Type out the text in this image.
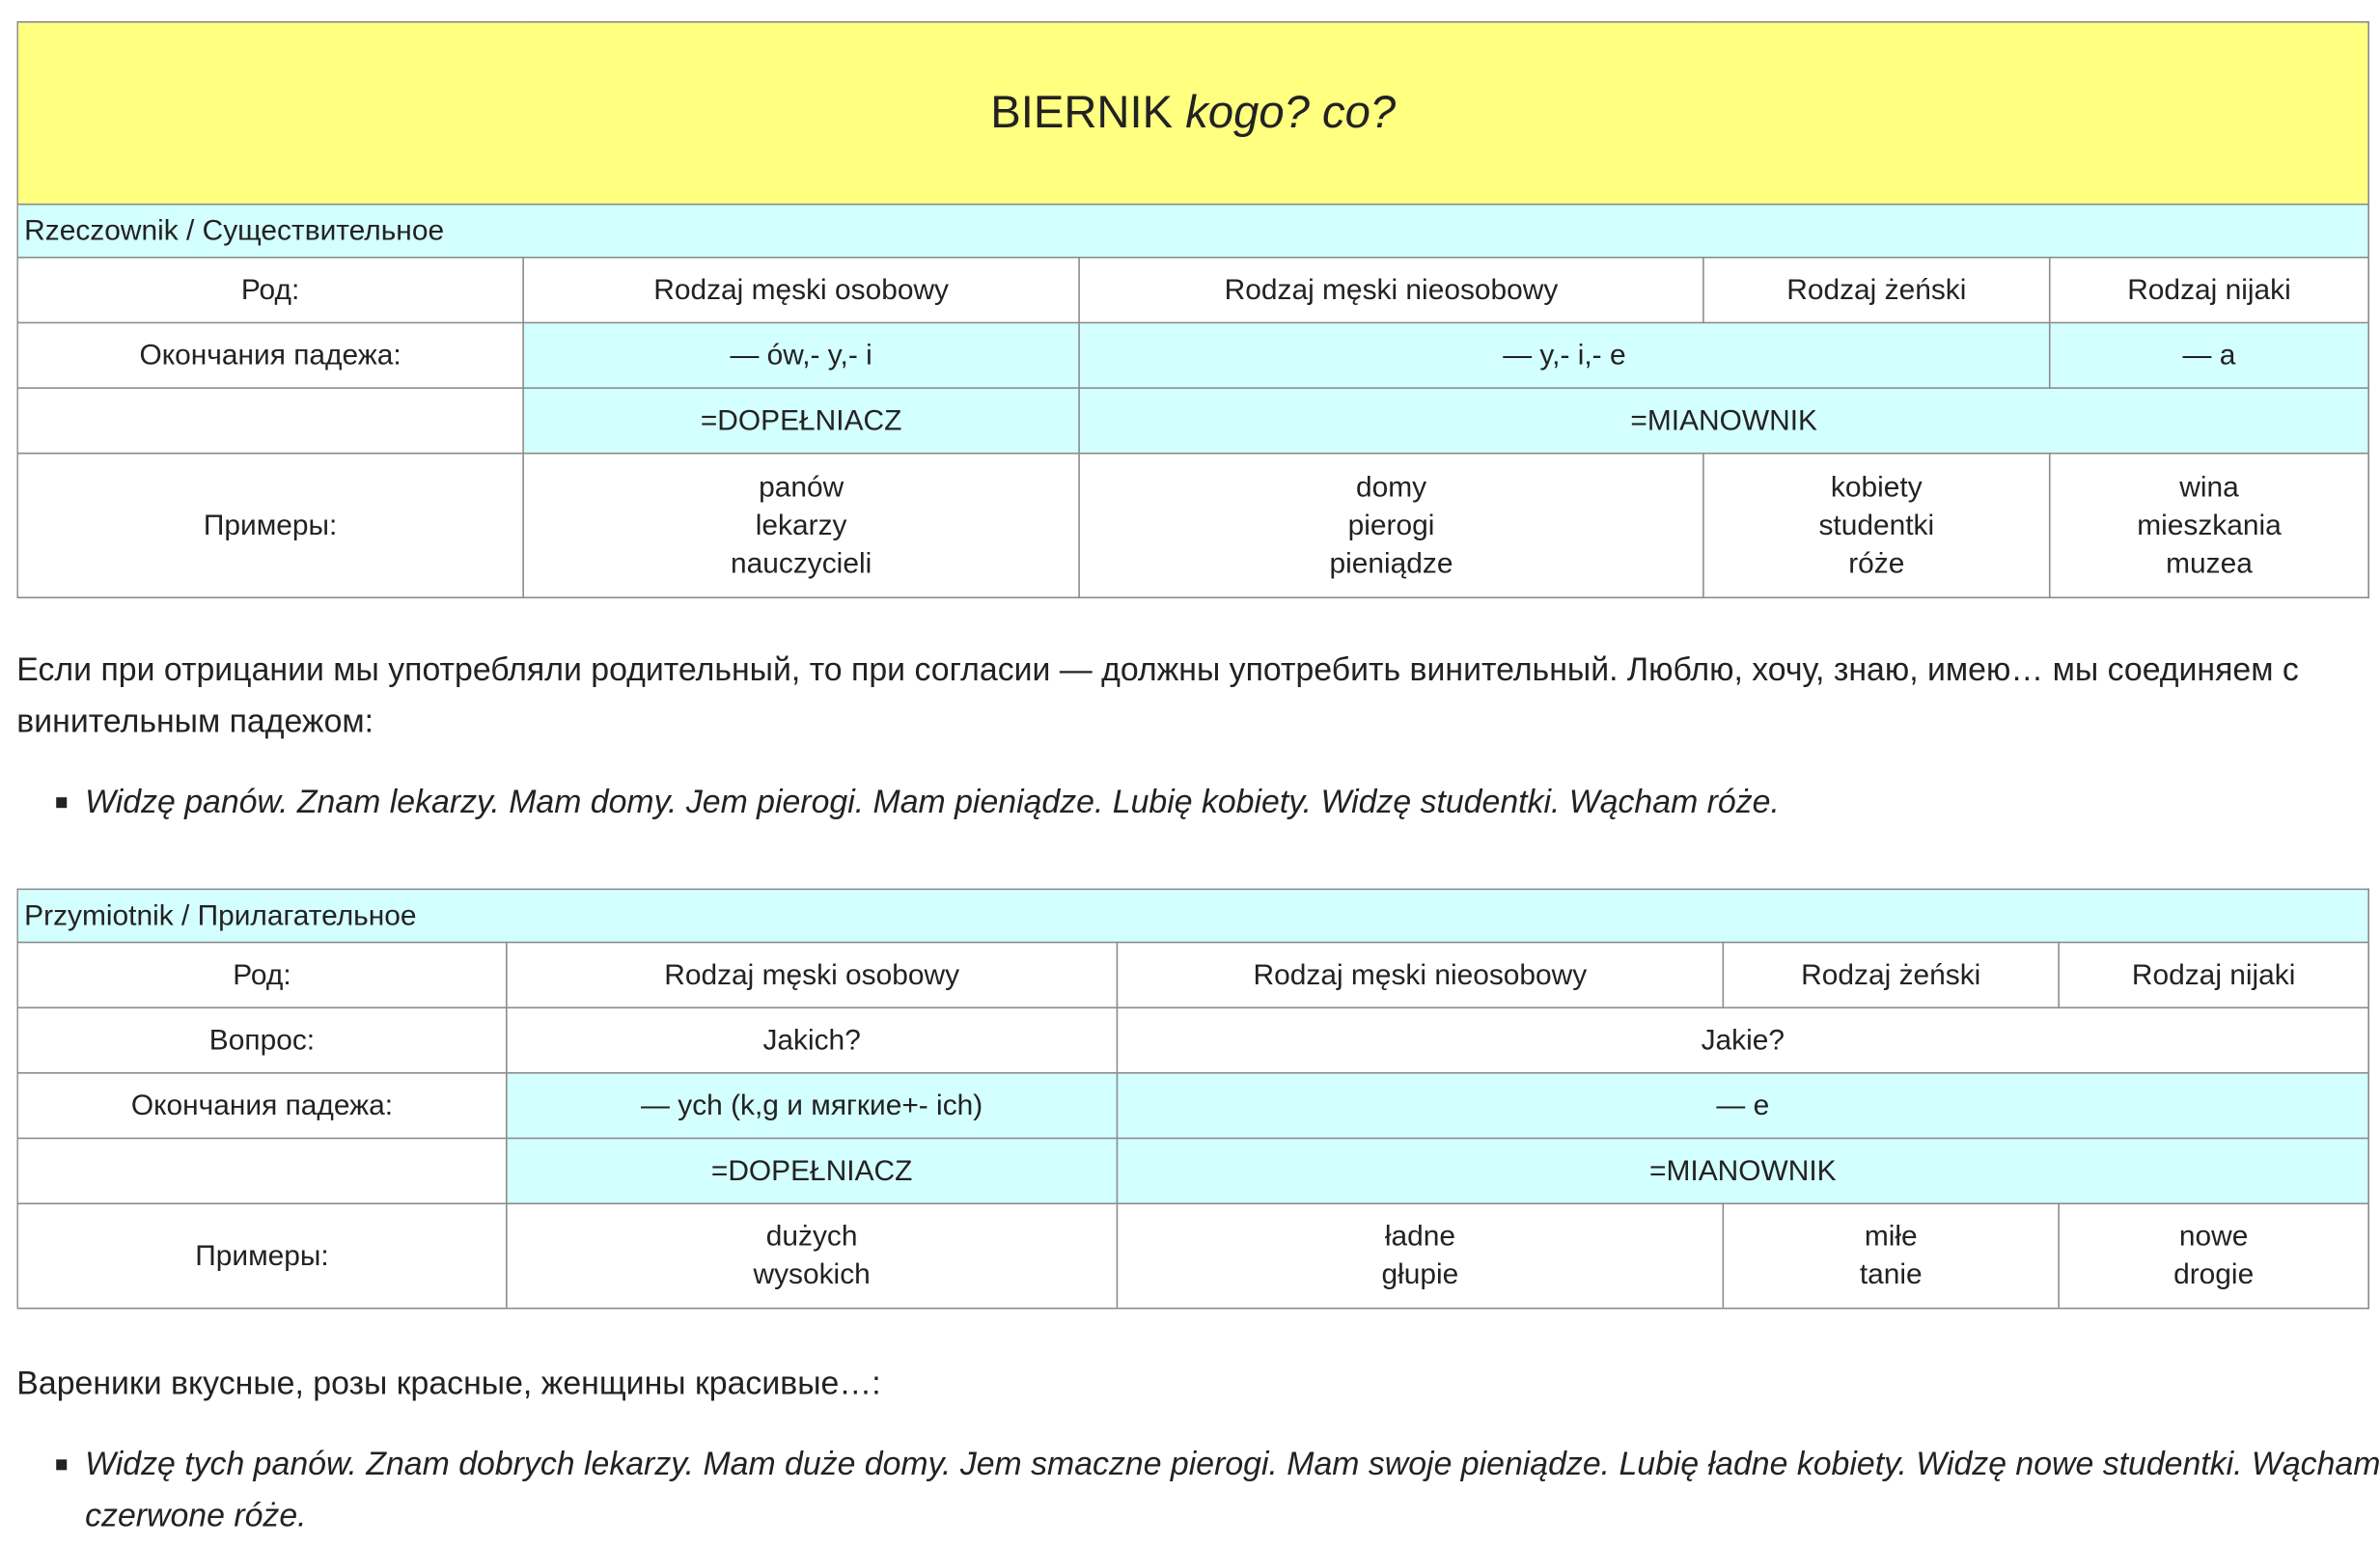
BIERNIK kogo? co?				
Rzeczownik / Существительное				
Род:	Rodzaj męski osobowy	Rodzaj męski nieosobowy	Rodzaj żeński	Rodzaj nijaki
Окончания падежа:	— ów,- y,- i	— y,- i,- e		— a
	=DOPEŁNIACZ	=MIANOWNIK		
Примеры:	panów
lekarzy
nauczycieli	domy
pierogi
pieniądze	kobiety
studentki
róże	wina
mieszkania
muzea

Если при отрицании мы употребляли родительный, то при согласии — должны употребить винительный. Люблю, хочу, знаю, имею… мы соединяем с винительным падежом:

Widzę panów. Znam lekarzy. Mam domy. Jem pierogi. Mam pieniądze. Lubię kobiety. Widzę studentki. Wącham róże.

Przymiotnik / Прилагательное				
Род:	Rodzaj męski osobowy	Rodzaj męski nieosobowy	Rodzaj żeński	Rodzaj nijaki
Вопрос:	Jakich?	Jakie?		
Окончания падежа:	— ych (k,g и мягкие+- ich)	— e		
	=DOPEŁNIACZ	=MIANOWNIK		
Примеры:	dużych
wysokich	ładne
głupie	miłe
tanie	nowe
drogie

Вареники вкусные, розы красные, женщины красивые…:

Widzę tych panów. Znam dobrych lekarzy. Mam duże domy. Jem smaczne pierogi. Mam swoje pieniądze. Lubię ładne kobiety. Widzę nowe studentki. Wącham czerwone róże.
